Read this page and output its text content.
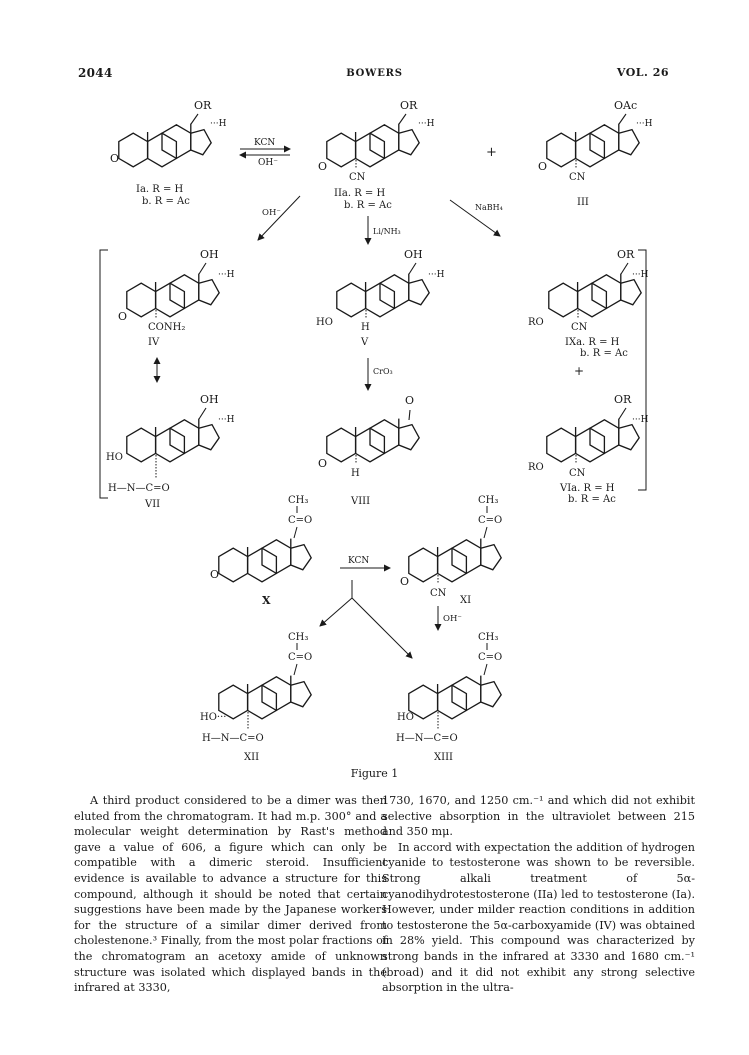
2044	BOWERS	VOL. 26
OR
···H
O
Ia. R = H
b. R = Ac
KCN
OH⁻
OR
···H
O
CN
IIa. R = H
b. R = Ac
+
OAc
···H
O
CN
III
OH⁻
Li/NH₃
NaBH₄
OH
···H
O
CONH₂
IV
OH
···H
HO	H
V
OR
···H
RO	CN
IXa. R = H
b. R = Ac
+
CrO₃
OH
···H
HO
H—N—C=O
VII
O
O
H
VIII
OR
···H
RO
CN
VIa. R = H
b. R = Ac
CH₃
C=O
O
X
KCN
CH₃
C=O
O
CN
XI
OH⁻
CH₃
C=O
HO···
H—N—C=O
XII
CH₃
C=O
HO
H—N—C=O
XIII
Figure 1

A third product considered to be a dimer was then eluted from the chromatogram. It had m.p. 300° and a molecular weight determination by Rast's method gave a value of 606, a figure which can only be compatible with a dimeric steroid. Insufficient evidence is available to advance a structure for this compound, although it should be noted that certain suggestions have been made by the Japanese workers for the structure of a similar dimer derived from cholestenone.³ Finally, from the most polar fractions of the chromatogram an acetoxy amide of unknown structure was isolated which displayed bands in the infrared at 3330,

1730, 1670, and 1250 cm.⁻¹ and which did not exhibit selective absorption in the ultraviolet between 215 and 350 mμ.

In accord with expectation the addition of hydrogen cyanide to testosterone was shown to be reversible. Strong alkali treatment of 5α-cyanodihydrotestosterone (IIa) led to testosterone (Ia). However, under milder reaction conditions in addition to testosterone the 5α-carboxyamide (IV) was obtained in 28% yield. This compound was characterized by strong bands in the infrared at 3330 and 1680 cm.⁻¹ (broad) and it did not exhibit any strong selective absorption in the ultra-
